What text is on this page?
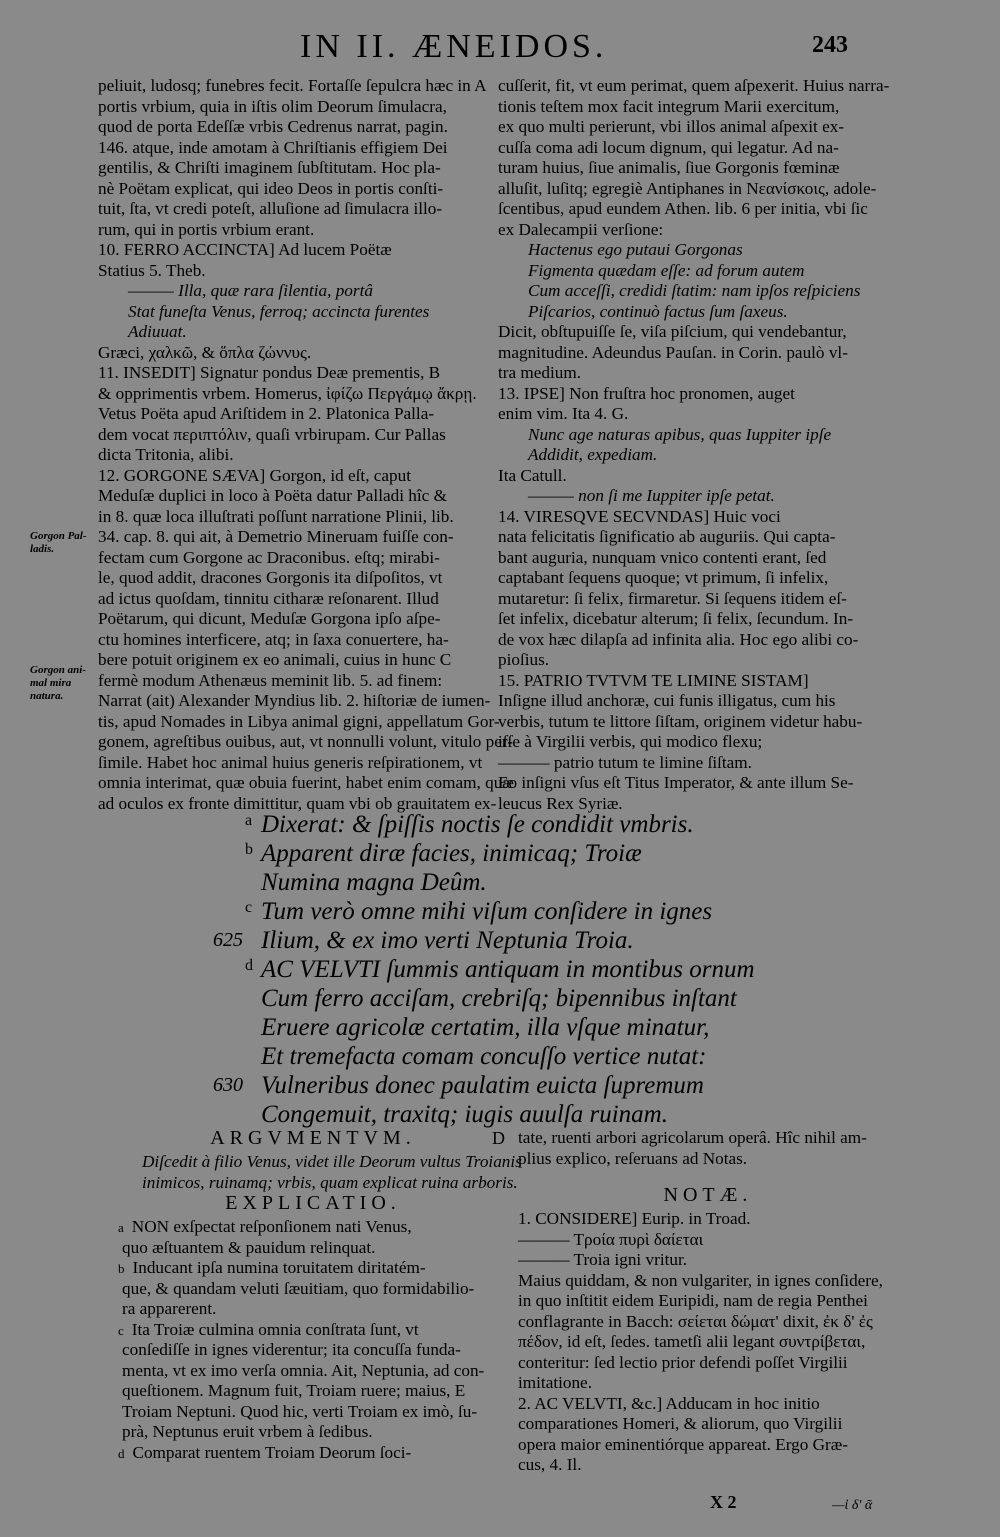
IN II. ÆNEIDOS.	243
peliuit, ludosq; funebres fecit. Fortaſſe ſepulcra hæc in A
portis vrbium, quia in iſtis olim Deorum ſimulacra,
quod de porta Edeſſæ vrbis Cedrenus narrat, pagin.
146. atque, inde amotam à Chriſtianis effigiem Dei
gentilis, & Chriſti imaginem ſubſtitutam. Hoc pla-
nè Poëtam explicat, qui ideo Deos in portis conſti-
tuit, ſta, vt credi poteſt, alluſione ad ſimulacra illo-
rum, qui in portis vrbium erant.
10. FERRO ACCINCTA] Ad lucem Poëtæ
Statius 5. Theb.
——— Illa, quæ rara ſilentia, portâ
Stat funeſta Venus, ferroq; accincta furentes
Adiuuat.
Græci, χαλκῶ, & ὅπλα ζώννυς.
11. INSEDIT] Signatur pondus Deæ prementis, B
& opprimentis vrbem. Homerus, ἰφίζω Περγάμῳ ἄκρῃ.
Vetus Poëta apud Ariſtidem in 2. Platonica Palla-
dem vocat περιπτόλιν, quaſi vrbirupam. Cur Pallas
dicta Tritonia, alibi.
12. GORGONE SÆVA] Gorgon, id eſt, caput
Meduſæ duplici in loco à Poëta datur Palladi hîc &
in 8. quæ loca illuſtrati poſſunt narratione Plinii, lib.
34. cap. 8. qui ait, à Demetrio Mineruam fuiſſe con-
fectam cum Gorgone ac Draconibus. eſtq; mirabi-
le, quod addit, dracones Gorgonis ita diſpoſitos, vt
ad ictus quoſdam, tinnitu citharæ reſonarent. Illud
Poëtarum, qui dicunt, Meduſæ Gorgona ipſo aſpe-
ctu homines interficere, atq; in ſaxa conuertere, ha-
bere potuit originem ex eo animali, cuius in hunc C
fermè modum Athenæus meminit lib. 5. ad finem:
Narrat (ait) Alexander Myndius lib. 2. hiſtoriæ de iumen-
tis, apud Nomades in Libya animal gigni, appellatum Gor-
gonem, agreſtibus ouibus, aut, vt nonnulli volunt, vitulo per-
ſimile. Habet hoc animal huius generis reſpirationem, vt
omnia interimat, quæ obuia fuerint, habet enim comam, quæ
ad oculos ex fronte dimittitur, quam vbi ob grauitatem ex-
cuſſerit, fit, vt eum perimat, quem aſpexerit. Huius narra-
tionis teſtem mox facit integrum Marii exercitum,
ex quo multi perierunt, vbi illos animal aſpexit ex-
cuſſa coma adi locum dignum, qui legatur. Ad na-
turam huius, ſiue animalis, ſiue Gorgonis fœminæ
alluſit, luſitq; egregiè Antiphanes in Νεανίσκοις, adole-
ſcentibus, apud eundem Athen. lib. 6 per initia, vbi ſic
ex Dalecampii verſione:
Hactenus ego putaui Gorgonas
Figmenta quædam eſſe: ad forum autem
Cum acceſſi, credidi ſtatim: nam ipſos reſpiciens
Piſcarios, continuò factus ſum ſaxeus.
Dicit, obſtupuiſſe ſe, viſa piſcium, qui vendebantur,
magnitudine. Adeundus Pauſan. in Corin. paulò vl-
tra medium.
13. IPSE] Non fruſtra hoc pronomen, auget
enim vim. Ita 4. G.
Nunc age naturas apibus, quas Iuppiter ipſe
Addidit, expediam.
Ita Catull.
——— non ſi me Iuppiter ipſe petat.
14. VIRESQVE SECVNDAS] Huic voci
nata felicitatis ſignificatio ab auguriis. Qui capta-
bant auguria, nunquam vnico contenti erant, ſed
captabant ſequens quoque; vt primum, ſi infelix,
mutaretur: ſi felix, firmaretur. Si ſequens itidem eſ-
ſet infelix, dicebatur alterum; ſi felix, ſecundum. In-
de vox hæc dilapſa ad infinita alia. Hoc ego alibi co-
pioſius.
15. PATRIO TVTVM TE LIMINE SISTAM]
Inſigne illud anchoræ, cui funis illigatus, cum his
verbis, tutum te littore ſiſtam, originem videtur habu-
iſſe à Virgilii verbis, qui modico flexu;
——— patrio tutum te limine ſiſtam.
Eo inſigni vſus eſt Titus Imperator, & ante illum Se-
leucus Rex Syriæ.
Gorgon Pal-
ladis.
Gorgon ani-
mal mira
natura.
a Dixerat: & ſpiſſis noctis ſe condidit vmbris.
b Apparent diræ facies, inimicaq; Troiæ
Numina magna Deûm.
c Tum verò omne mihi viſum conſidere in ignes
625 Ilium, & ex imo verti Neptunia Troia.
d AC VELVTI ſummis antiquam in montibus ornum
Cum ferro acciſam, crebriſq; bipennibus inſtant
Eruere agricolæ certatim, illa vſque minatur,
Et tremefacta comam concuſſo vertice nutat:
630 Vulneribus donec paulatim euicta ſupremum
Congemuit, traxitq; iugis auulſa ruinam.
ARGVMENTVM.
Diſcedit à filio Venus, videt ille Deorum vultus Troianis
inimicos, ruinamq; vrbis, quam explicat ruina arboris.
EXPLICATIO.
a NON exſpectat reſponſionem nati Venus,
quo æſtuantem & pauidum relinquat.
b Inducant ipſa numina toruitatem diritatém-
que, & quandam veluti ſæuitiam, quo formidabilio-
ra apparerent.
c Ita Troiæ culmina omnia conſtrata ſunt, vt
conſediſſe in ignes viderentur; ita concuſſa funda-
menta, vt ex imo verſa omnia. Ait, Neptunia, ad con-
queſtionem. Magnum fuit, Troiam ruere; maius, E
Troiam Neptuni. Quod hic, verti Troiam ex imò, ſu-
prà, Neptunus eruit vrbem à ſedibus.
d Comparat ruentem Troiam Deorum ſoci-
D tate, ruenti arbori agricolarum operâ. Hîc nihil am-
plius explico, reſeruans ad Notas.
NOTÆ.
1. CONSIDERE] Eurip. in Troad.
——— Τροία πυρὶ δαίεται
——— Troia igni vritur.
Maius quiddam, & non vulgariter, in ignes conſidere,
in quo inſtitit eidem Euripidi, nam de regia Penthei
conflagrante in Bacch: σείεται δώματ' dixit, ἐκ δ' ἐς
πέδον, id eſt, ſedes. tametſi alii legant συντρίβεται,
conteritur: ſed lectio prior defendi poſſet Virgilii
imitatione.
2. AC VELVTI, &c.] Adducam in hoc initio
comparationes Homeri, & aliorum, quo Virgilii
opera maior eminentiórque appareat. Ergo Græ-
cus, 4. Il.
X 2	—ἰ δ' ᾶ
